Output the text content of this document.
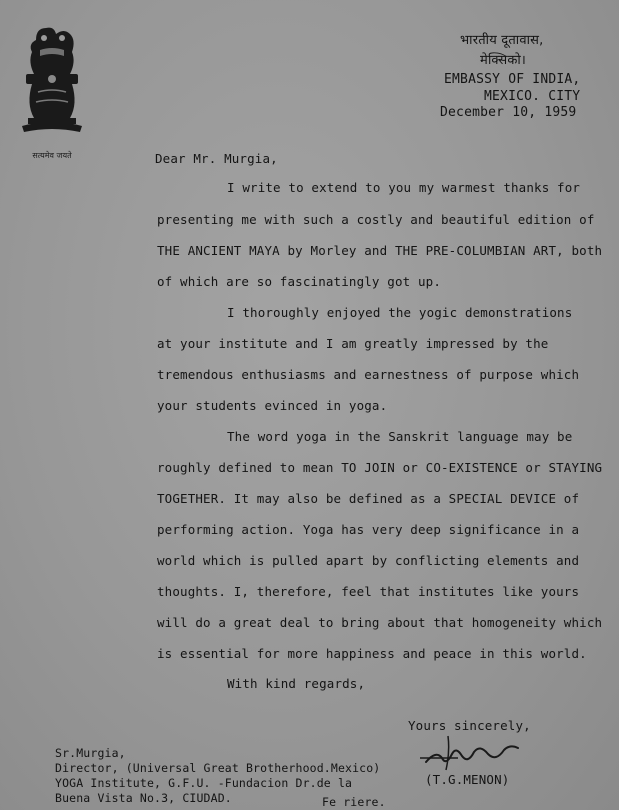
सत्यमेव जयते
भारतीय दूतावास,
मेक्सिको।
EMBASSY OF INDIA,
MEXICO. CITY
December 10, 1959
Dear Mr. Murgia,
I write to extend to you my warmest thanks for
presenting me with such a costly and beautiful edition of
THE ANCIENT MAYA by Morley and THE PRE-COLUMBIAN ART, both
of which are so fascinatingly got up.
I thoroughly enjoyed the yogic demonstrations
at your institute and I am greatly impressed by the
tremendous enthusiasms and earnestness of purpose which
your students evinced in yoga.
The word yoga in the Sanskrit language may be
roughly defined to mean TO JOIN or CO-EXISTENCE or STAYING
TOGETHER. It may also be defined as a SPECIAL DEVICE of
performing action. Yoga has very deep significance in a
world which is pulled apart by conflicting elements and
thoughts. I, therefore, feel that institutes like yours
will do a great deal to bring about that homogeneity which
is essential for more happiness and peace in this world.
With kind regards,
Yours sincerely,
(T.G.MENON)
Sr.Murgia,
Director, (Universal Great Brotherhood.Mexico)
YOGA Institute, G.F.U. -Fundacion Dr.de la
Buena Vista No.3, CIUDAD.	Fe riere.
